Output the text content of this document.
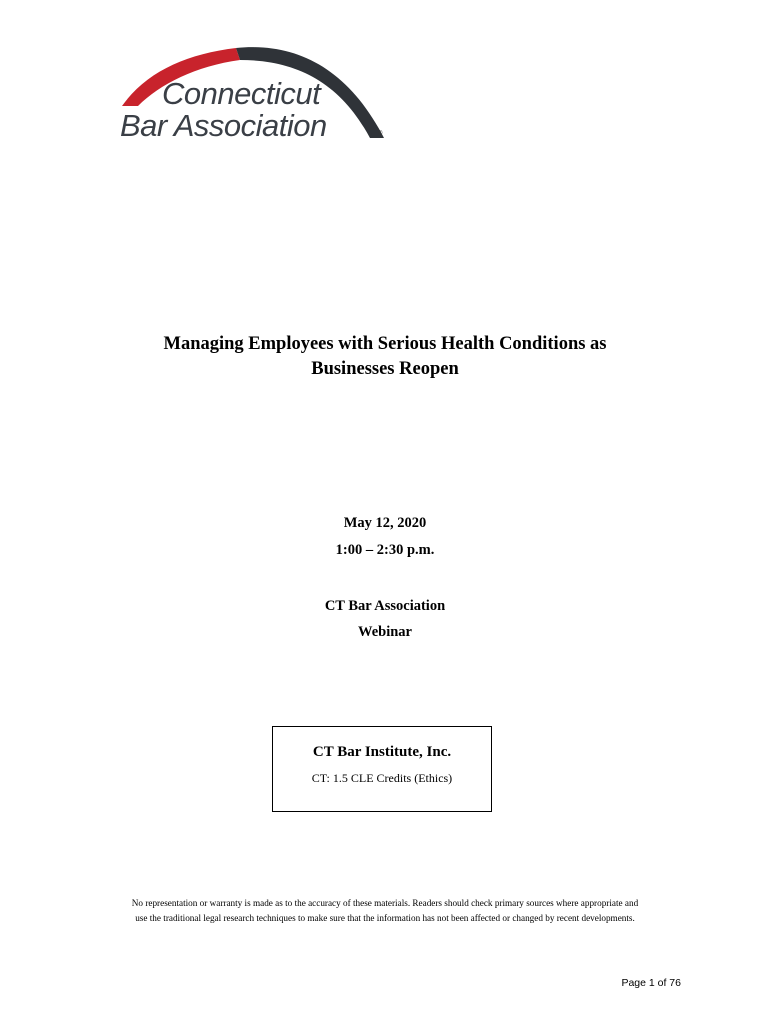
Connecticut
Bar Association	®
Managing Employees with Serious Health Conditions as
Businesses Reopen
May 12, 2020
1:00 – 2:30 p.m.
CT Bar Association
Webinar
CT Bar Institute, Inc.
CT: 1.5 CLE Credits (Ethics)
No representation or warranty is made as to the accuracy of these materials. Readers should check primary sources where appropriate and
use the traditional legal research techniques to make sure that the information has not been affected or changed by recent developments.
Page 1 of 76
